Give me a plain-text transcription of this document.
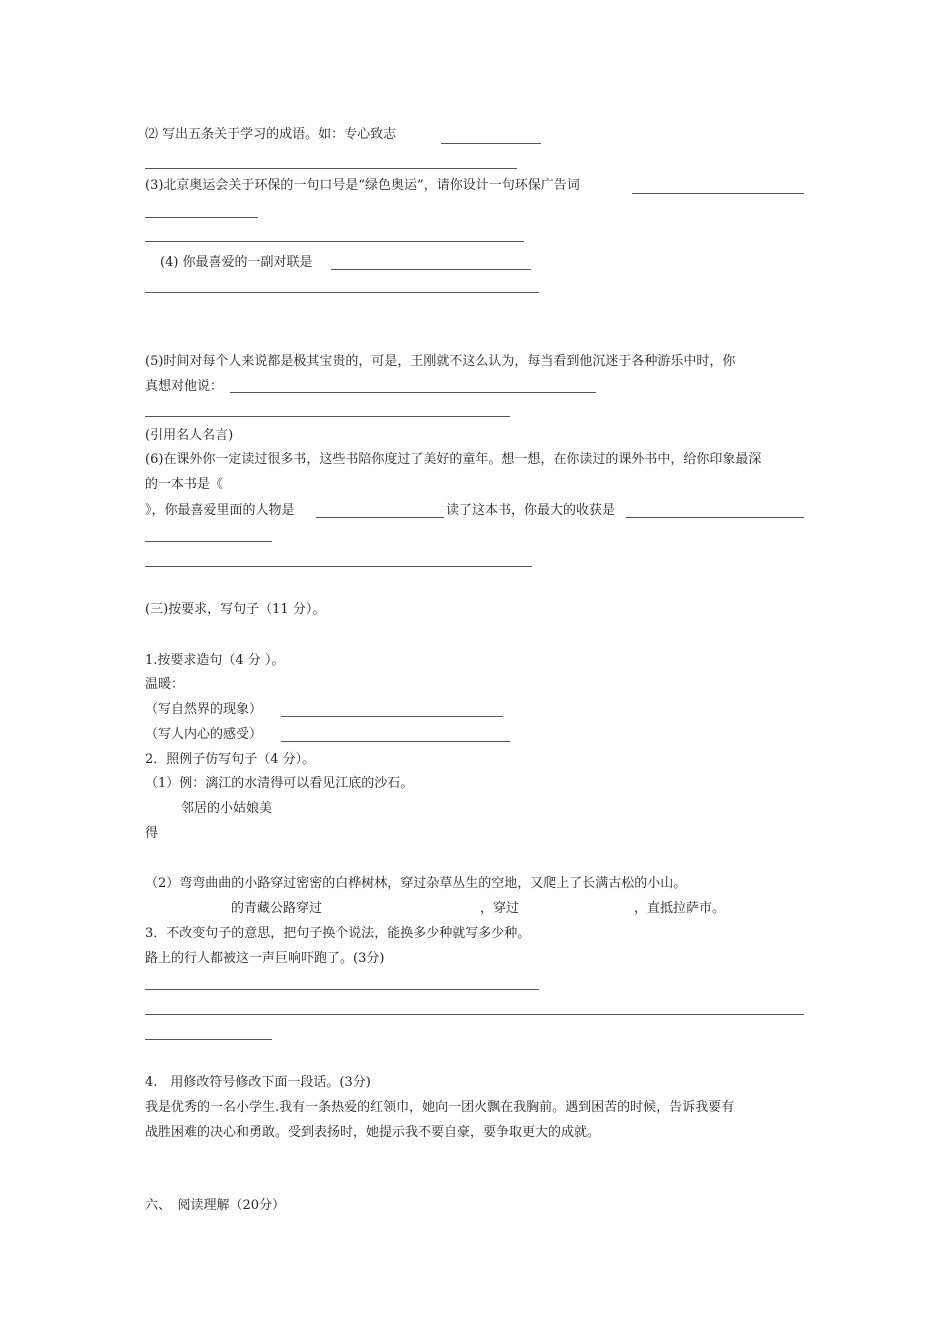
⑵ 写出五条关于学习的成语。如：专心致志
(3)北京奥运会关于环保的一句口号是“绿色奥运”，请你设计一句环保广告词
(4) 你最喜爱的一副对联是
(5)时间对每个人来说都是极其宝贵的，可是，王刚就不这么认为，每当看到他沉迷于各种游乐中时，你
真想对他说：
(引用名人名言)
(6)在课外你一定读过很多书，这些书陪你度过了美好的童年。想一想，在你读过的课外书中，给你印象最深
的一本书是《
》，你最喜爱里面的人物是	读了这本书，你最大的收获是
(三)按要求，写句子（11 分）。
1.按要求造句（4 分 ）。
温暖：
（写自然界的现象）
（写人内心的感受）
2．照例子仿写句子（4 分）。
（1）例：漓江的水清得可以看见江底的沙石。
邻居的小姑娘美
得
（2）弯弯曲曲的小路穿过密密的白桦树林，穿过杂草丛生的空地，又爬上了长满古松的小山。
的青藏公路穿过	，穿过	，直抵拉萨市。
3．不改变句子的意思，把句子换个说法，能换多少种就写多少种。
路上的行人都被这一声巨响吓跑了。(3分)
4.　用修改符号修改下面一段话。(3分)
我是优秀的一名小学生.我有一条热爱的红领巾，她向一团火飘在我胸前。遇到困苦的时候，告诉我要有
战胜困难的决心和勇敢。受到表扬时，她提示我不要自豪，要争取更大的成就。
六、　阅读理解（20分）
